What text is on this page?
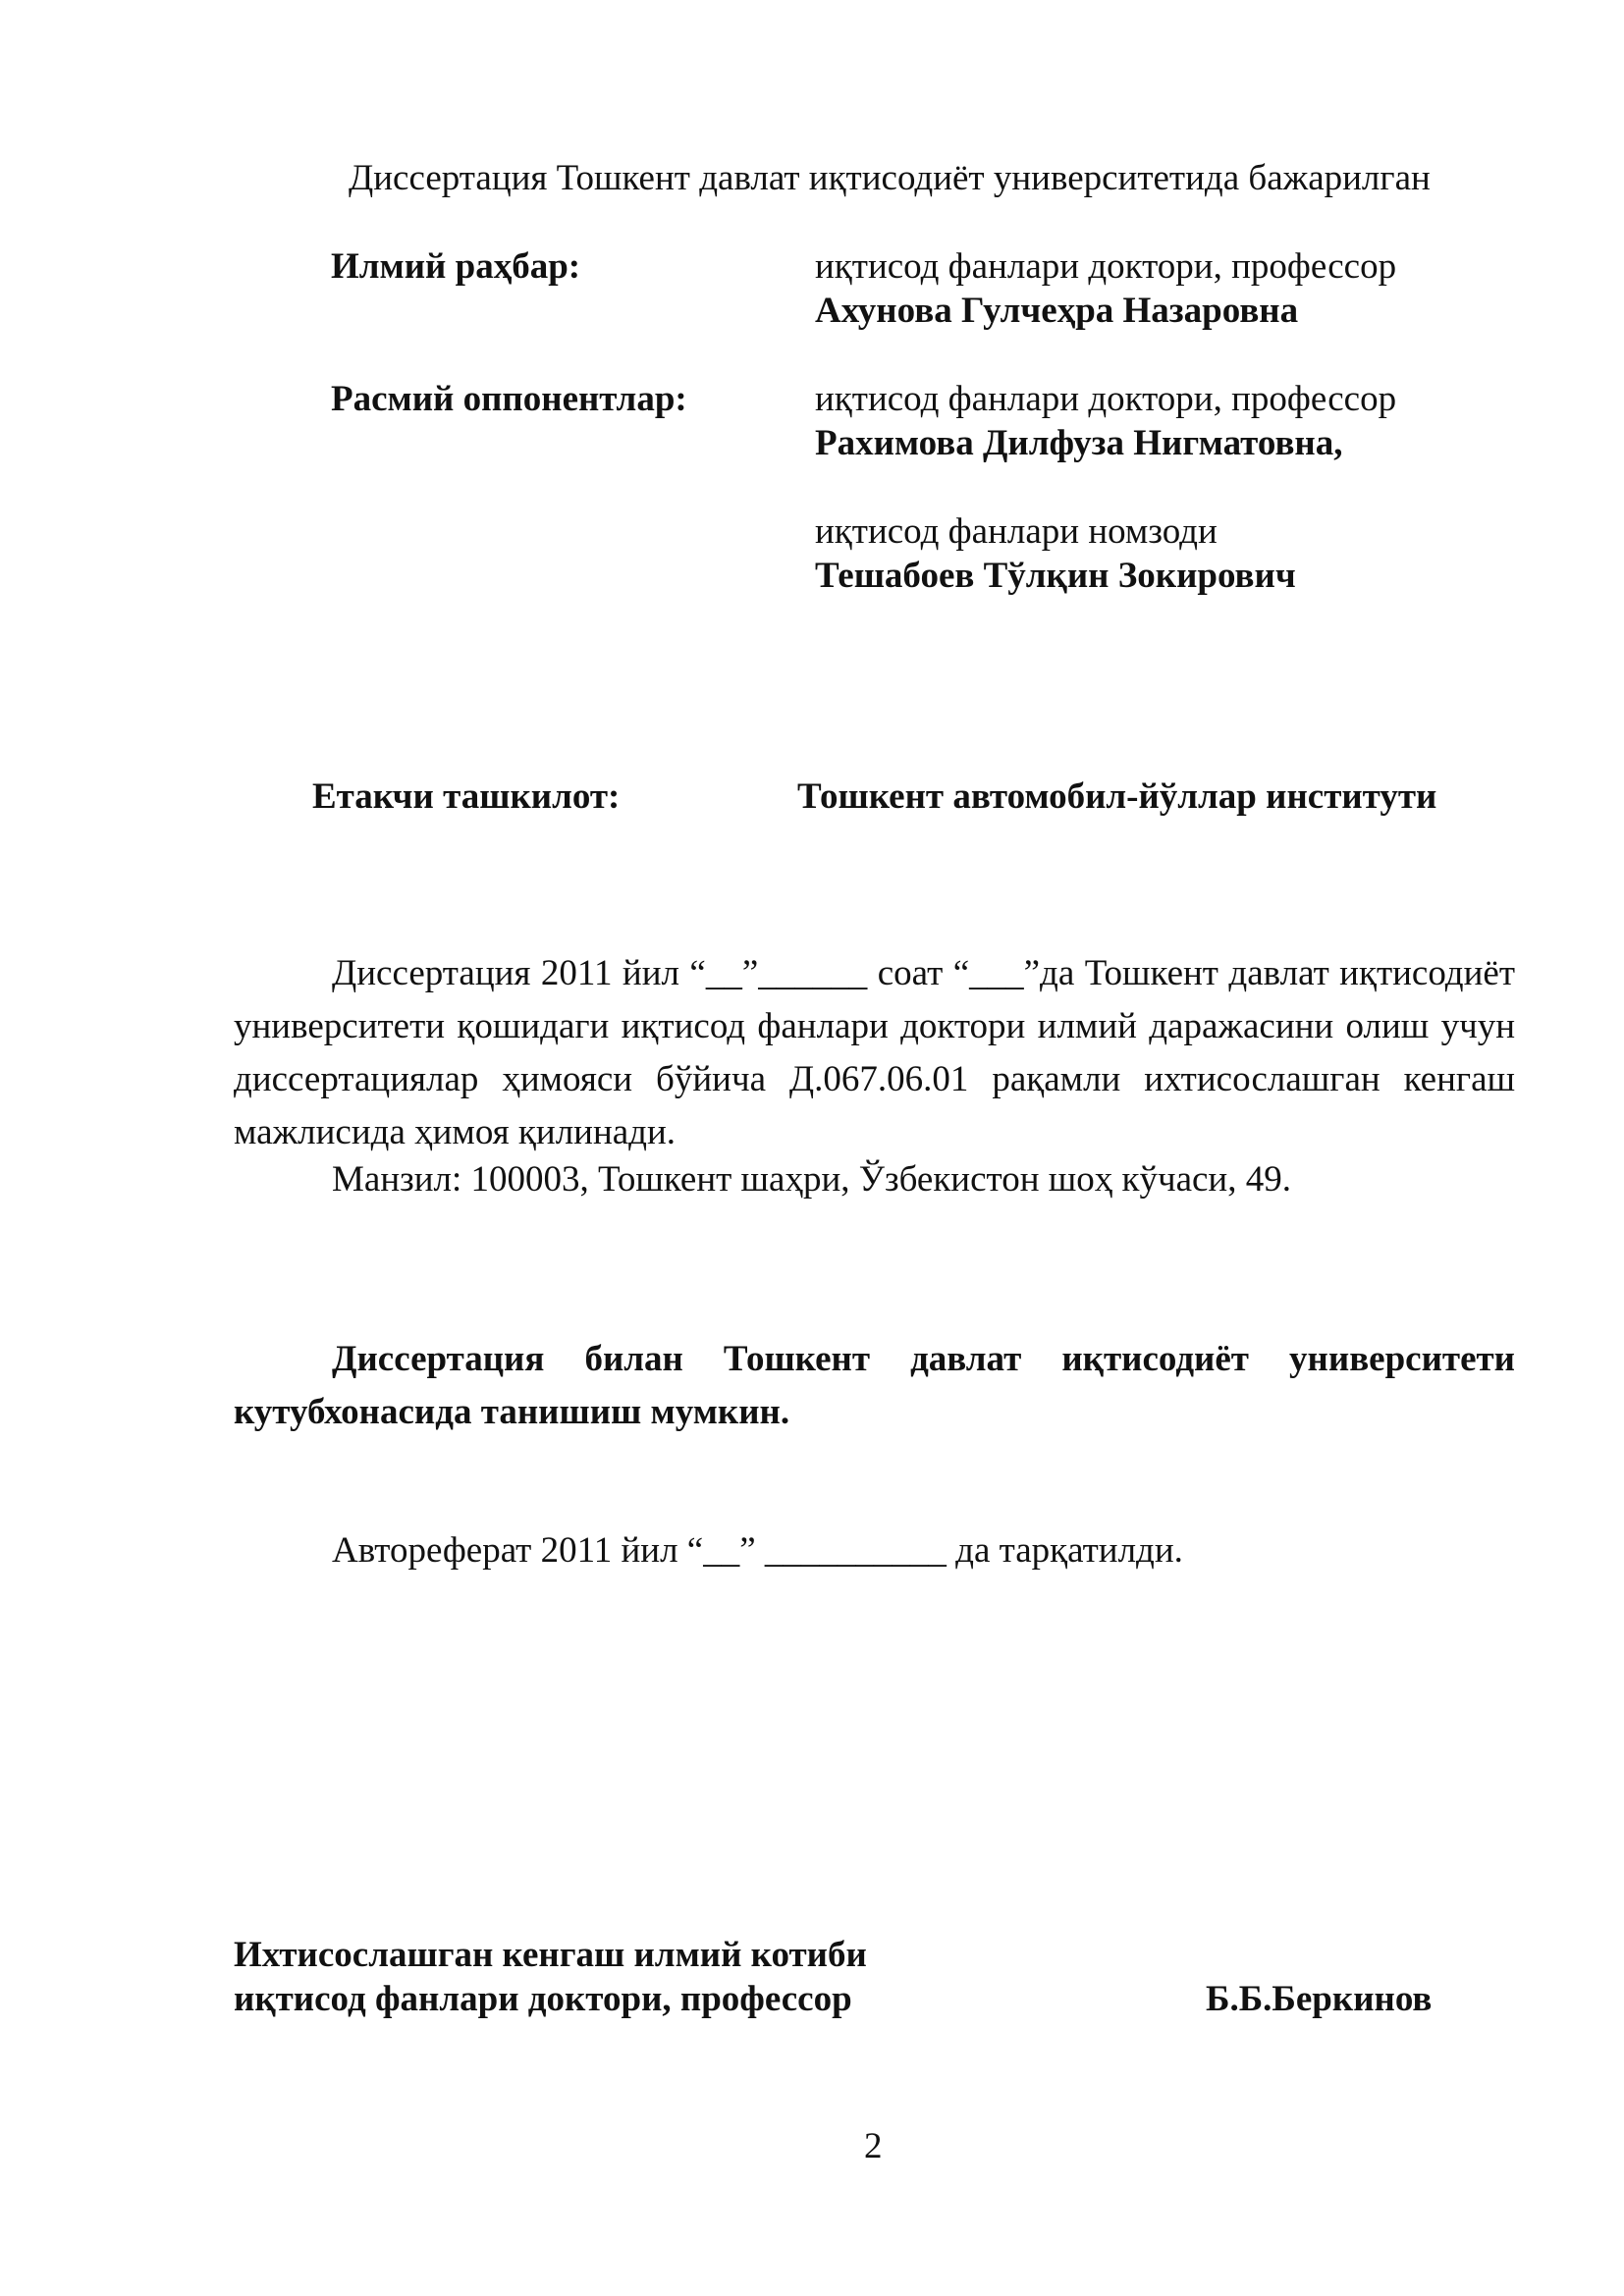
Диссертация Тошкент давлат иқтисодиёт университетида бажарилган
Илмий раҳбар:	иқтисод фанлари доктори, профессор
Ахунова Гулчеҳра Назаровна
Расмий оппонентлар:	иқтисод фанлари доктори, профессор
Рахимова Дилфуза Нигматовна,
иқтисод фанлари номзоди
Тешабоев Тўлқин Зокирович
Етакчи ташкилот:	Тошкент автомобил-йўллар институти
Диссертация 2011 йил “__”______ соат “___”да Тошкент давлат иқтисодиёт университети қошидаги иқтисод фанлари доктори илмий даражасини олиш учун диссертациялар ҳимояси бўйича Д.067.06.01 рақамли ихтисослашган кенгаш мажлисида ҳимоя қилинади.
Манзил: 100003, Тошкент шаҳри, Ўзбекистон шоҳ кўчаси, 49.
Диссертация билан Тошкент давлат иқтисодиёт университети кутубхонасида танишиш мумкин.
Автореферат 2011 йил “__” __________ да тарқатилди.
Ихтисослашган кенгаш илмий котиби
иқтисод фанлари доктори, профессор	Б.Б.Беркинов
2
